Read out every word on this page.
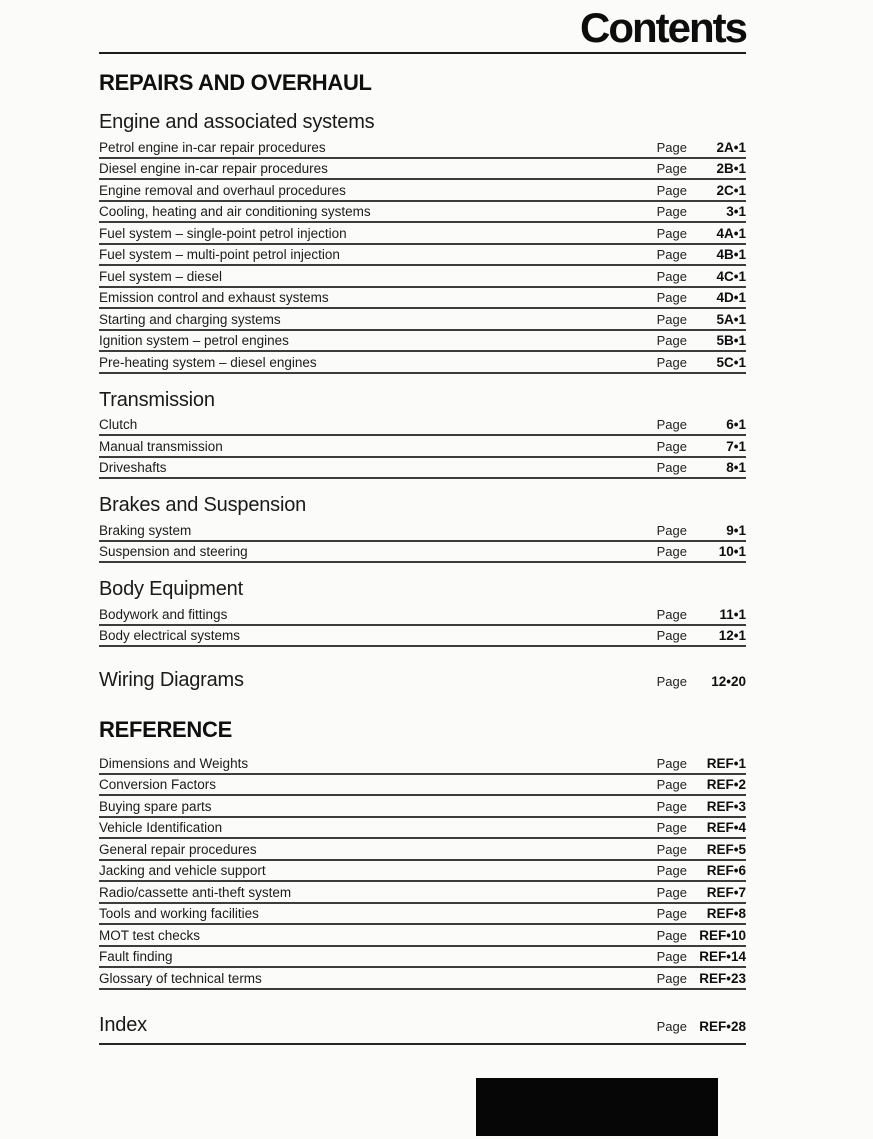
Contents
REPAIRS AND OVERHAUL
Engine and associated systems
Petrol engine in-car repair procedures	Page	2A•1
Diesel engine in-car repair procedures	Page	2B•1
Engine removal and overhaul procedures	Page	2C•1
Cooling, heating and air conditioning systems	Page	3•1
Fuel system – single-point petrol injection	Page	4A•1
Fuel system – multi-point petrol injection	Page	4B•1
Fuel system – diesel	Page	4C•1
Emission control and exhaust systems	Page	4D•1
Starting and charging systems	Page	5A•1
Ignition system – petrol engines	Page	5B•1
Pre-heating system – diesel engines	Page	5C•1
Transmission
Clutch	Page	6•1
Manual transmission	Page	7•1
Driveshafts	Page	8•1
Brakes and Suspension
Braking system	Page	9•1
Suspension and steering	Page	10•1
Body Equipment
Bodywork and fittings	Page	11•1
Body electrical systems	Page	12•1
Wiring Diagrams	Page	12•20
REFERENCE
Dimensions and Weights	Page	REF•1
Conversion Factors	Page	REF•2
Buying spare parts	Page	REF•3
Vehicle Identification	Page	REF•4
General repair procedures	Page	REF•5
Jacking and vehicle support	Page	REF•6
Radio/cassette anti-theft system	Page	REF•7
Tools and working facilities	Page	REF•8
MOT test checks	Page REF•10
Fault finding	Page REF•14
Glossary of technical terms	Page REF•23
Index	Page REF•28
